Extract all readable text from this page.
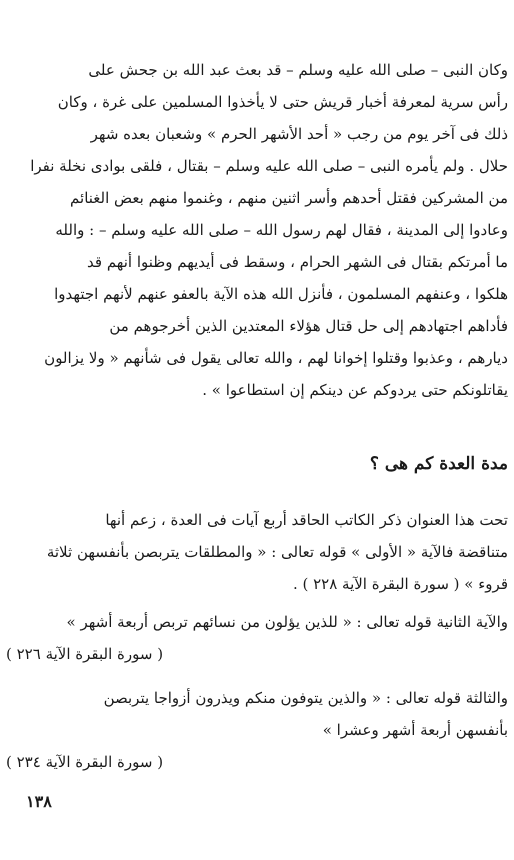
وكان النبى – صلى الله عليه وسلم – قد بعث عبد الله بن جحش على
رأس سرية لمعرفة أخبار قريش حتى لا يأخذوا المسلمين على غرة ، وكان
ذلك فى آخر يوم من رجب « أحد الأشهر الحرم » وشعبان بعده شهر
حلال . ولم يأمره النبى – صلى الله عليه وسلم – بقتال ، فلقى بوادى نخلة نفرا
من المشركين فقتل أحدهم وأسر اثنين منهم ، وغنموا منهم بعض الغنائم
وعادوا إلى المدينة ، فقال لهم رسول الله – صلى الله عليه وسلم – : والله
ما أمرتكم بقتال فى الشهر الحرام ، وسقط فى أيديهم وظنوا أنهم قد
هلكوا ، وعنفهم المسلمون ، فأنزل الله هذه الآية بالعفو عنهم لأنهم اجتهدوا
فأداهم اجتهادهم إلى حل قتال هؤلاء المعتدين الذين أخرجوهم من
ديارهم ، وعذبوا وقتلوا إخوانا لهم ، والله تعالى يقول فى شأنهم « ولا يزالون
يقاتلونكم حتى يردوكم عن دينكم إن استطاعوا » .
مدة العدة كم هى ؟
تحت هذا العنوان ذكر الكاتب الحاقد أربع آيات فى العدة ، زعم أنها
متناقضة فالآية « الأولى » قوله تعالى : « والمطلقات يتربصن بأنفسهن ثلاثة
قروء » ( سورة البقرة الآية ٢٢٨ ) .
والآية الثانية قوله تعالى : « للذين يؤلون من نسائهم تربص أربعة أشهر »
( سورة البقرة الآية ٢٢٦ )
والثالثة قوله تعالى : « والذين يتوفون منكم ويذرون أزواجا يتربصن
بأنفسهن أربعة أشهر وعشرا »
( سورة البقرة الآية ٢٣٤ )
١٣٨
